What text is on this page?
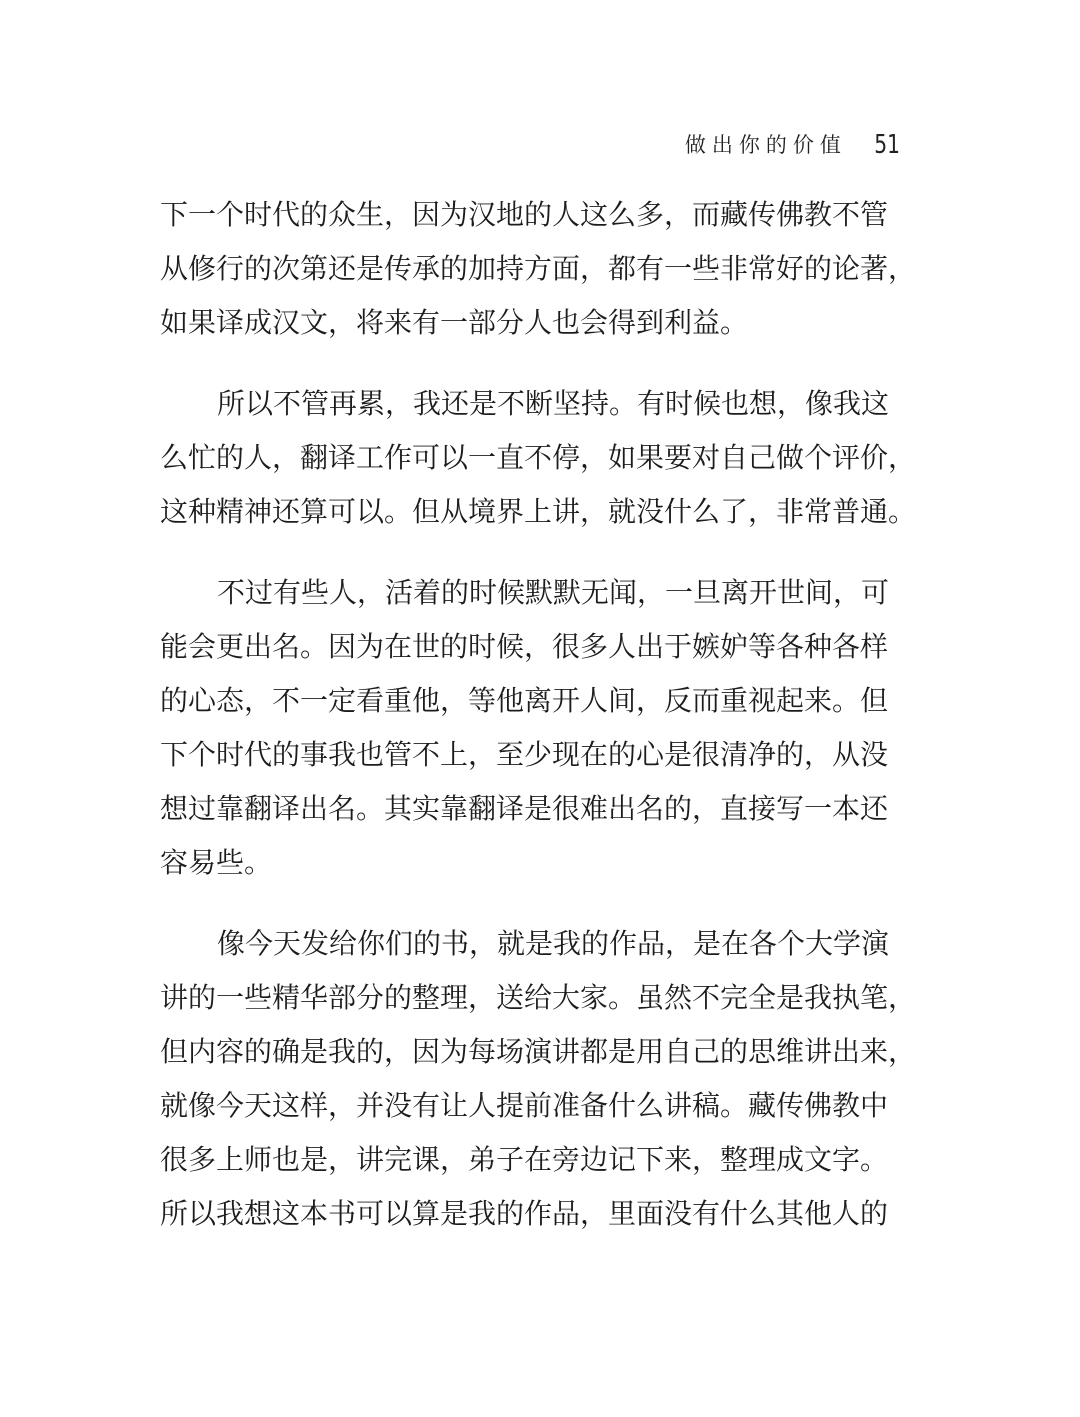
做出你的价值 51
下一个时代的众生，因为汉地的人这么多，而藏传佛教不管
从修行的次第还是传承的加持方面，都有一些非常好的论著，
如果译成汉文，将来有一部分人也会得到利益。
所以不管再累，我还是不断坚持。有时候也想，像我这
么忙的人，翻译工作可以一直不停，如果要对自己做个评价，
这种精神还算可以。但从境界上讲，就没什么了，非常普通。
不过有些人，活着的时候默默无闻，一旦离开世间，可
能会更出名。因为在世的时候，很多人出于嫉妒等各种各样
的心态，不一定看重他，等他离开人间，反而重视起来。但
下个时代的事我也管不上，至少现在的心是很清净的，从没
想过靠翻译出名。其实靠翻译是很难出名的，直接写一本还
容易些。
像今天发给你们的书，就是我的作品，是在各个大学演
讲的一些精华部分的整理，送给大家。虽然不完全是我执笔，
但内容的确是我的，因为每场演讲都是用自己的思维讲出来，
就像今天这样，并没有让人提前准备什么讲稿。藏传佛教中
很多上师也是，讲完课，弟子在旁边记下来，整理成文字。
所以我想这本书可以算是我的作品，里面没有什么其他人的
